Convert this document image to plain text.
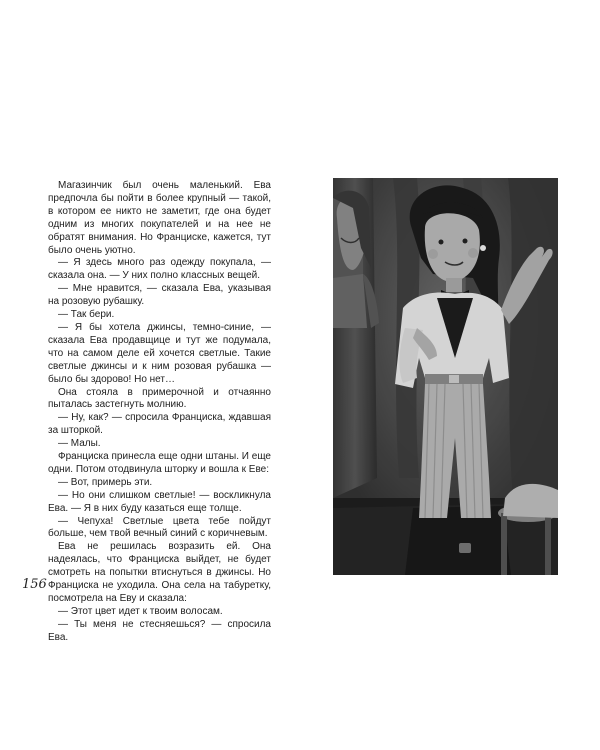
Магазинчик был очень маленький. Ева предпочла бы пойти в более крупный — такой, в котором ее никто не заметит, где она будет одним из многих покупателей и на нее не обратят внимания. Но Франциске, кажется, тут было очень уютно.

— Я здесь много раз одежду покупала, — сказала она. — У них полно классных вещей.

— Мне нравится, — сказала Ева, указывая на розовую рубашку.

— Так бери.

— Я бы хотела джинсы, темно-синие, — сказала Ева продавщице и тут же подумала, что на самом деле ей хочется светлые. Такие светлые джинсы и к ним розовая рубашка — было бы здорово! Но нет…

Она стояла в примерочной и отчаянно пыталась застегнуть молнию.

— Ну, как? — спросила Франциска, ждавшая за шторкой.

— Малы.

Франциска принесла еще одни штаны. И еще одни. Потом отодвинула шторку и вошла к Еве:

— Вот, примерь эти.

— Но они слишком светлые! — воскликнула Ева. — Я в них буду казаться еще толще.

— Чепуха! Светлые цвета тебе пойдут больше, чем твой вечный синий с коричневым.

Ева не решилась возразить ей. Она надеялась, что Франциска выйдет, не будет смотреть на попытки втиснуться в джинсы. Но Франциска не уходила. Она села на табуретку, посмотрела на Еву и сказала:

— Этот цвет идет к твоим волосам.

— Ты меня не стесняешься? — спросила Ева.

156
